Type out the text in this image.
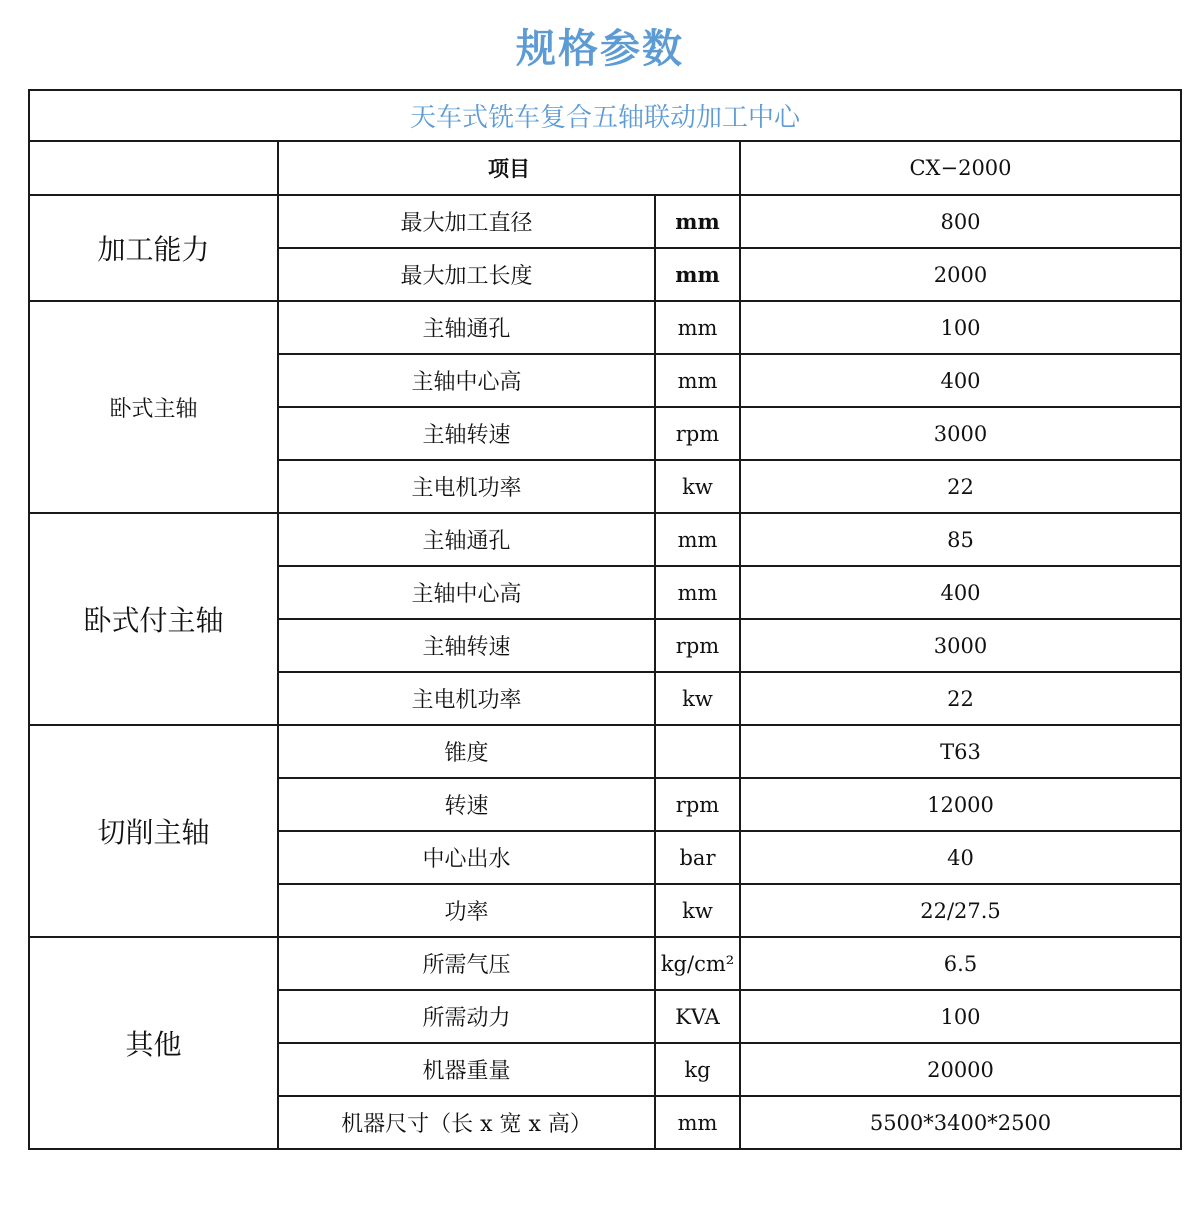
规格参数
天车式铣车复合五轴联动加工中心			
	项目		CX−2000
加工能力	最大加工直径	mm	800
	最大加工长度	mm	2000
卧式主轴	主轴通孔	mm	100
	主轴中心高	mm	400
	主轴转速	rpm	3000
	主电机功率	kw	22
卧式付主轴	主轴通孔	mm	85
	主轴中心高	mm	400
	主轴转速	rpm	3000
	主电机功率	kw	22
切削主轴	锥度		T63
	转速	rpm	12000
	中心出水	bar	40
	功率	kw	22/27.5
其他	所需气压	kg/cm²	6.5
	所需动力	KVA	100
	机器重量	kg	20000
	机器尺寸（长 x 宽 x 高）	mm	5500*3400*2500
